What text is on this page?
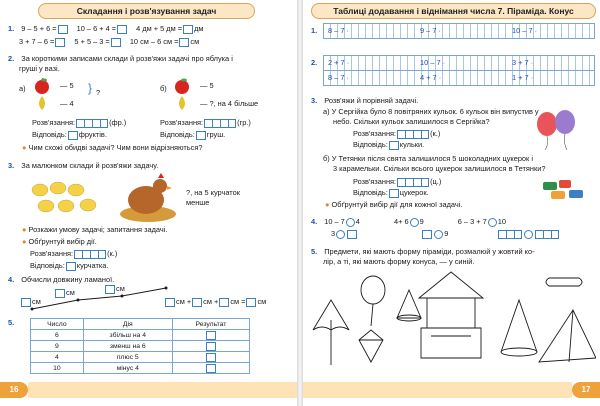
Складання і розв'язування задач
1. 9 – 5 + 6 =	10 – 6 + 4 =	4 дм + 5 дм = дм
3 + 7 – 6 =	5 + 5 – 3 =	10 см – 6 см = см
2. За короткими записами склади й розв'яжи задачі про яблука і
груші у вазі.
а)	— 5
— 4
} ?	б)	— 5
— ?, на 4 більше
Розв'язання:	(фр.)
Відповідь: фруктів.
Розв'язання:	(гр.)
Відповідь: груш.
● Чим схожі обидві задачі? Чим вони відрізняються?
3. За малюнком склади й розв'яжи задачу.
?, на 5 курчаток
менше
● Розкажи умову задачі; запитання задачі.
● Обґрунтуй вибір дії.
Розв'язання:	(к.)
Відповідь: курчатка.
4. Обчисли довжину ламаної.
см	см
см	см + см + см = см
5.	Число	Дія	Результат
6	збільш на 4	
9	зменш на 6	
4	плюс 5	
10	мінус 4	
16
Таблиці додавання і віднімання числа 7. Піраміда. Конус
1. 8 – 7 ·	9 – 7 ·	10 – 7 ·
2. 2 + 7 ·	10 – 7 ·	3 + 7 ·
8 – 7 ·	4 + 7 ·	1 + 7 ·
3. Розв'яжи й порівняй задачі.
а) У Сергійка було 8 повітряних кульок. 6 кульок він випустив у
небо. Скільки кульок залишилося в Сергійка?
Розв'язання:	(к.)
Відповідь: кульки.
б) У Тетянки після свята залишилося 5 шоколадних цукерок і
3 карамельки. Скільки всього цукерок залишилося в Тетянки?
Розв'язання:	(ц.)
Відповідь: цукерок.
● Обґрунтуй вибір дії для кожної задачі.
4. 10 – 7 4	4+ 6 9	6 – 3 + 7 10
3	9
5. Предмети, які мають форму піраміди, розмалюй у жовтий ко-
лір, а ті, які мають форму конуса, — у синій.
17
